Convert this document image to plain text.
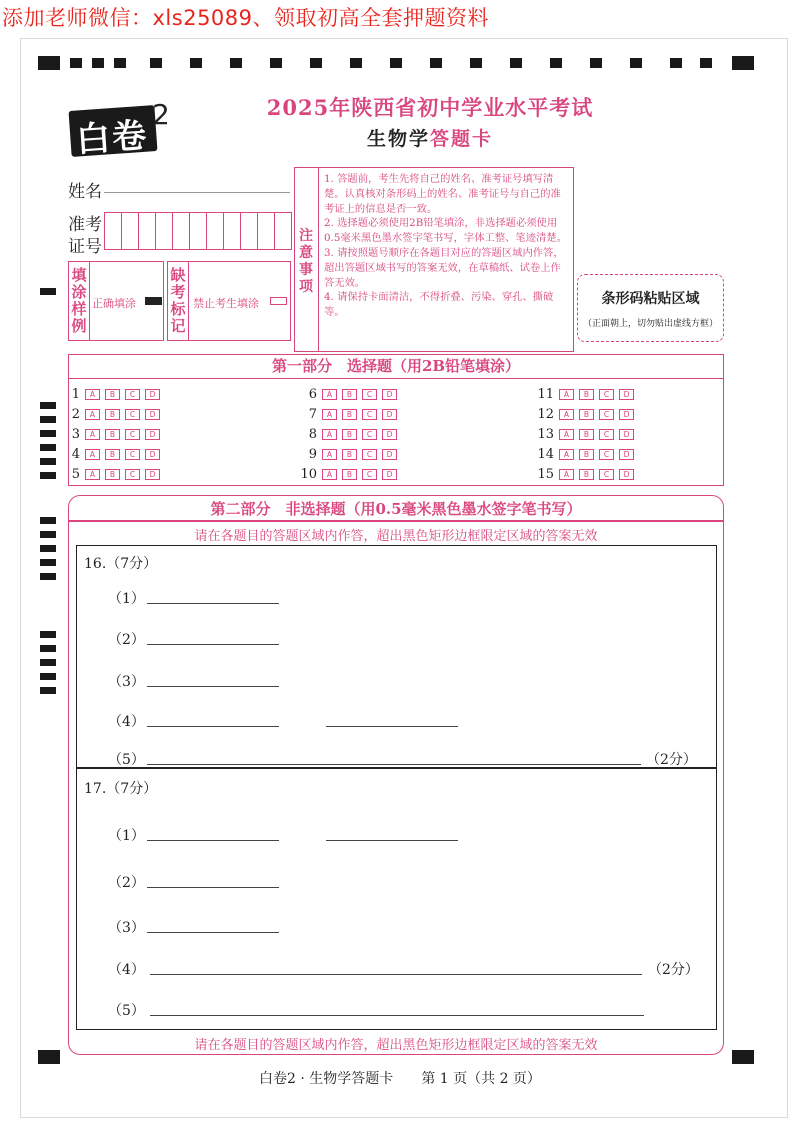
添加老师微信：xls25089、领取初高全套押题资料
白卷
2	2025年陕西省初中学业水平考试
生物学答题卡
姓名
准考
证号
填涂样例
正确填涂
缺考标记
禁止考生填涂
注意事项

1. 答题前，考生先将自己的姓名、准考证号填写清楚。认真核对条形码上的姓名、准考证号与自己的准考证上的信息是否一致。

2. 选择题必须使用2B铅笔填涂，非选择题必须使用0.5毫米黑色墨水签字笔书写，字体工整、笔迹清楚。

3. 请按照题号顺序在各题目对应的答题区域内作答，超出答题区域书写的答案无效，在草稿纸、试卷上作答无效。

4. 请保持卡面清洁，不得折叠、污染、穿孔、撕破等。

条形码粘贴区域
（正面朝上，切勿贴出虚线方框）
第一部分　选择题（用2B铅笔填涂）
1	A	B	C	D
2	A	B	C	D
3	A	B	C	D
4	A	B	C	D
5	A	B	C	D
6	A	B	C	D
7	A	B	C	D
8	A	B	C	D
9	A	B	C	D
10	A	B	C	D
11	A	B	C	D
12	A	B	C	D
13	A	B	C	D
14	A	B	C	D
15	A	B	C	D
第二部分　非选择题（用0.5毫米黑色墨水签字笔书写）
请在各题目的答题区域内作答，超出黑色矩形边框限定区域的答案无效
16.（7分）
（1）
（2）
（3）
（4）
（5）	（2分）
17.（7分）
（1）
（2）
（3）
（4）	（2分）
（5）
请在各题目的答题区域内作答，超出黑色矩形边框限定区域的答案无效
白卷2 · 生物学答题卡　　 第 1 页（共 2 页）
